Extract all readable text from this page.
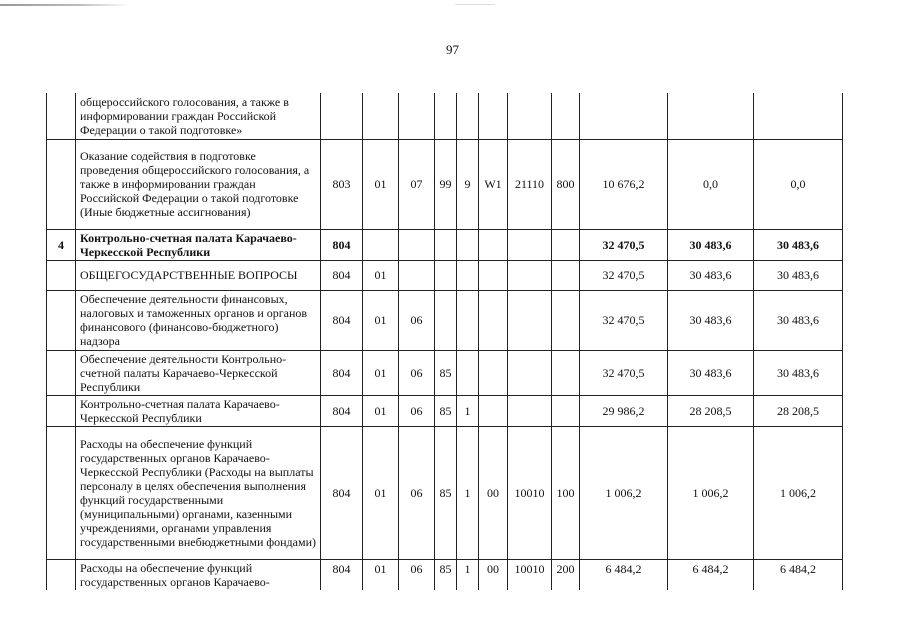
97
	общероссийского голосования, а также в информировании граждан Российской Федерации о такой подготовке»											
	Оказание содействия в подготовке проведения общероссийского голосования, а также в информировании граждан Российской Федерации о такой подготовке (Иные бюджетные ассигнования)	803	01	07	99	9	W1	21110	800	10 676,2	0,0	0,0
4	Контрольно-счетная палата Карачаево-Черкесской Республики	804								32 470,5	30 483,6	30 483,6
	ОБЩЕГОСУДАРСТВЕННЫЕ ВОПРОСЫ	804	01							32 470,5	30 483,6	30 483,6
	Обеспечение деятельности финансовых, налоговых и таможенных органов и органов финансового (финансово-бюджетного) надзора	804	01	06						32 470,5	30 483,6	30 483,6
	Обеспечение деятельности Контрольно-счетной палаты Карачаево-Черкесской Республики	804	01	06	85					32 470,5	30 483,6	30 483,6
	Контрольно-счетная палата Карачаево-Черкесской Республики	804	01	06	85	1				29 986,2	28 208,5	28 208,5
	Расходы на обеспечение функций государственных органов Карачаево-Черкесской Республики (Расходы на выплаты персоналу в целях обеспечения выполнения функций государственными (муниципальными) органами, казенными учреждениями, органами управления государственными внебюджетными фондами)	804	01	06	85	1	00	10010	100	1 006,2	1 006,2	1 006,2
	Расходы на обеспечение функций государственных органов Карачаево-	804	01	06	85	1	00	10010	200	6 484,2	6 484,2	6 484,2
